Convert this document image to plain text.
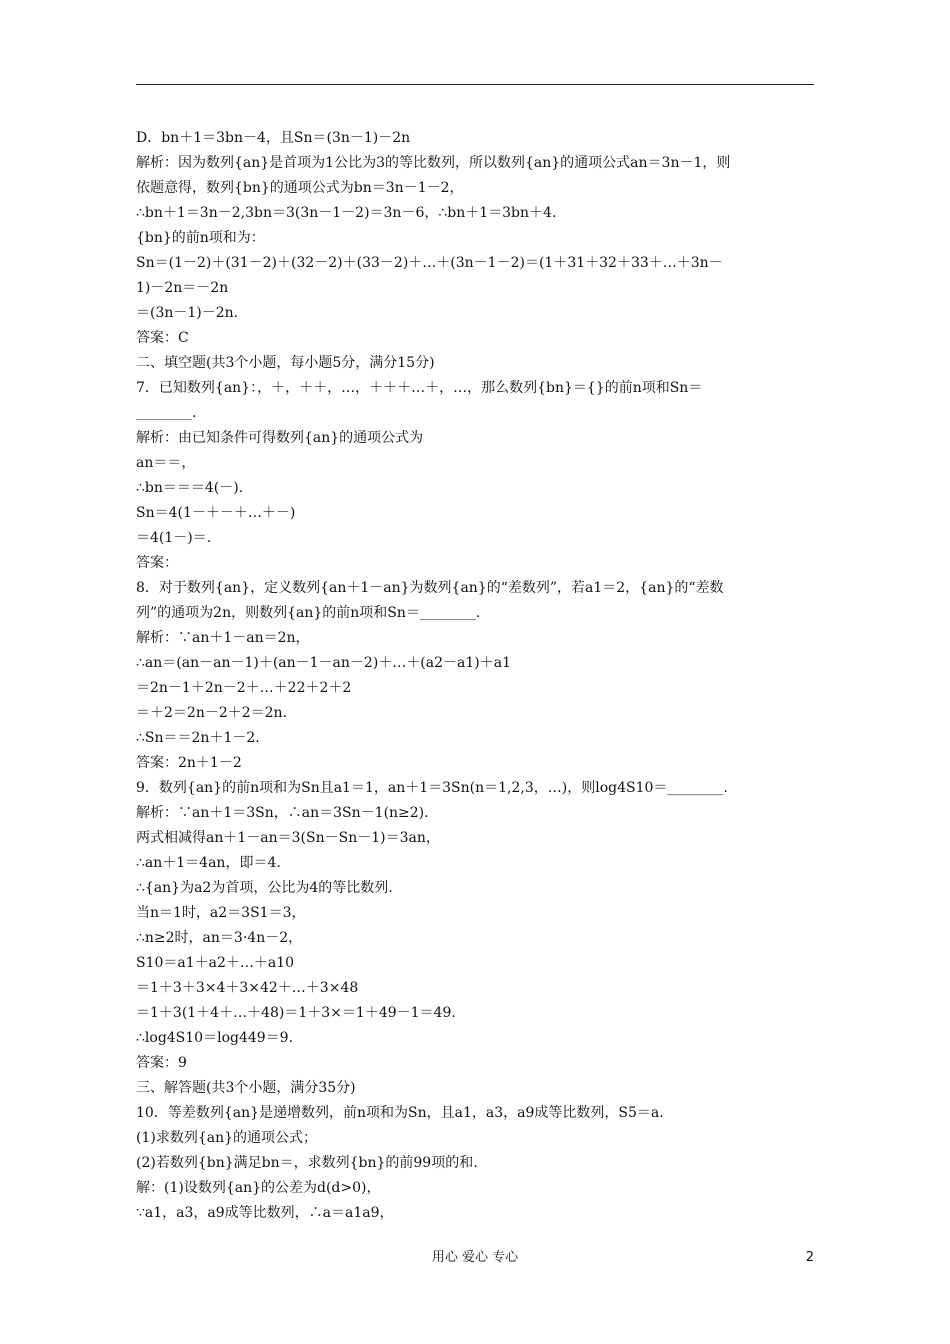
D．bn＋1＝3bn－4，且Sn＝(3n－1)－2n
解析：因为数列{an}是首项为1公比为3的等比数列，所以数列{an}的通项公式an＝3n－1，则
依题意得，数列{bn}的通项公式为bn＝3n－1－2，
∴bn＋1＝3n－2,3bn＝3(3n－1－2)＝3n－6，∴bn＋1＝3bn＋4.
{bn}的前n项和为：
Sn＝(1－2)＋(31－2)＋(32－2)＋(33－2)＋…＋(3n－1－2)＝(1＋31＋32＋33＋…＋3n－
1)－2n＝－2n
＝(3n－1)－2n.
答案：C
二、填空题(共3个小题，每小题5分，满分15分)
7．已知数列{an}：，＋，＋＋，…，＋＋＋…＋，…，那么数列{bn}＝{}的前n项和Sn＝
________.
解析：由已知条件可得数列{an}的通项公式为
an＝＝，
∴bn＝＝＝4(－).
Sn＝4(1－＋－＋…＋－)
＝4(1－)＝.
答案：
8．对于数列{an}，定义数列{an＋1－an}为数列{an}的“差数列”，若a1＝2，{an}的“差数
列”的通项为2n，则数列{an}的前n项和Sn＝________.
解析：∵an＋1－an＝2n，
∴an＝(an－an－1)＋(an－1－an－2)＋…＋(a2－a1)＋a1
＝2n－1＋2n－2＋…＋22＋2＋2
＝＋2＝2n－2＋2＝2n.
∴Sn＝＝2n＋1－2.
答案：2n＋1－2
9．数列{an}的前n项和为Sn且a1＝1，an＋1＝3Sn(n＝1,2,3，…)，则log4S10＝________.
解析：∵an＋1＝3Sn，∴an＝3Sn－1(n≥2).
两式相减得an＋1－an＝3(Sn－Sn－1)＝3an，
∴an＋1＝4an，即＝4.
∴{an}为a2为首项，公比为4的等比数列.
当n＝1时，a2＝3S1＝3，
∴n≥2时，an＝3·4n－2，
S10＝a1＋a2＋…＋a10
＝1＋3＋3×4＋3×42＋…＋3×48
＝1＋3(1＋4＋…＋48)＝1＋3×＝1＋49－1＝49.
∴log4S10＝log449＝9.
答案：9
三、解答题(共3个小题，满分35分)
10．等差数列{an}是递增数列，前n项和为Sn，且a1，a3，a9成等比数列，S5＝a.
(1)求数列{an}的通项公式；
(2)若数列{bn}满足bn＝，求数列{bn}的前99项的和.
解：(1)设数列{an}的公差为d(d>0)，
∵a1，a3，a9成等比数列，∴a＝a1a9，
用心 爱心 专心	2
